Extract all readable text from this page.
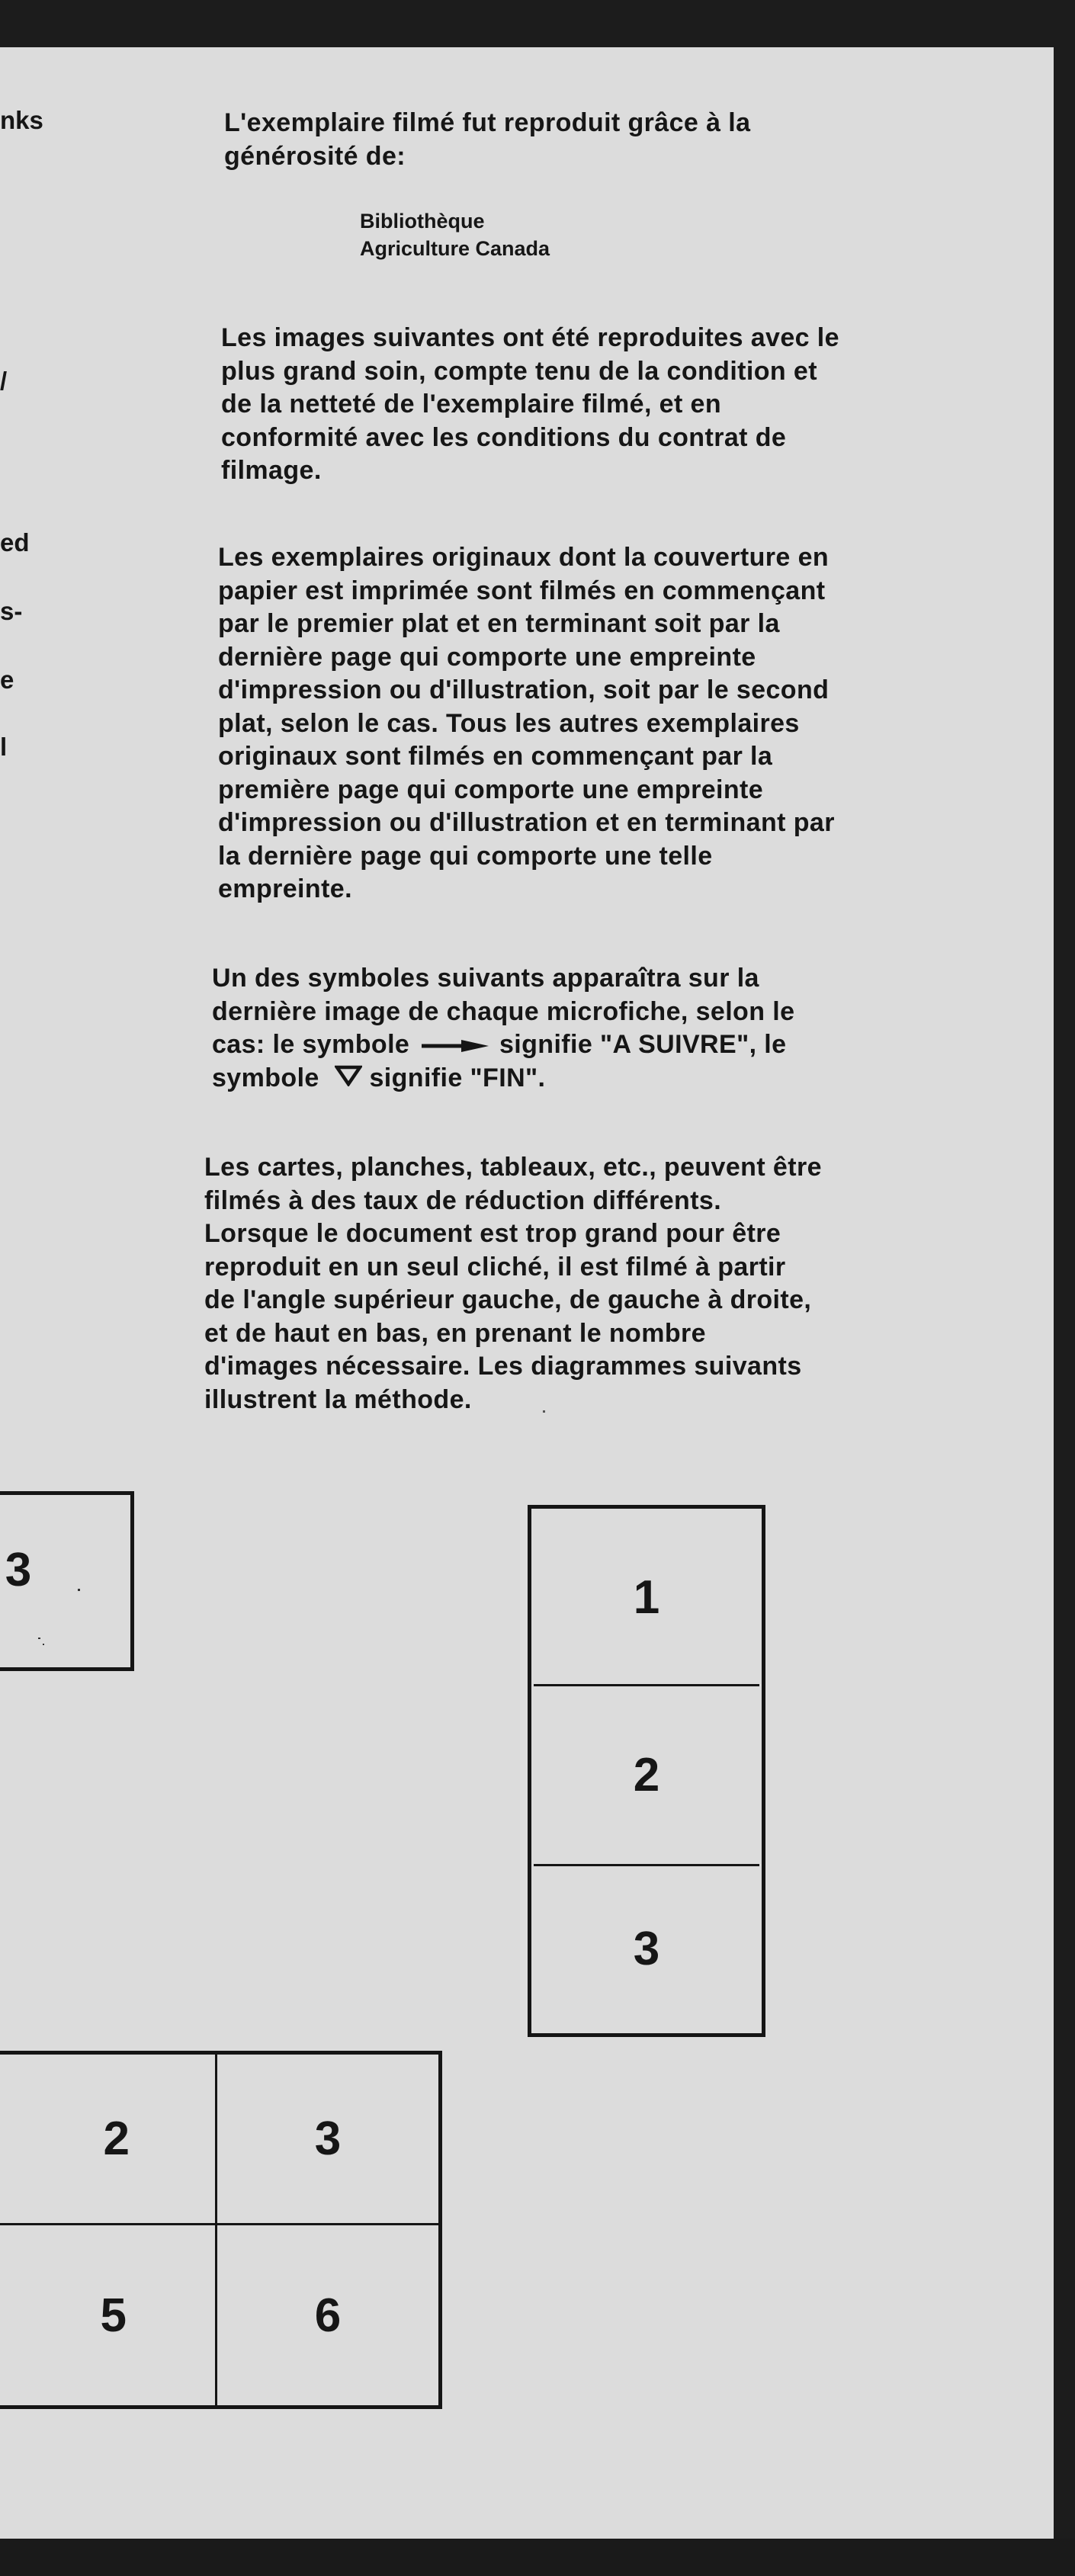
nks
/
ed
s-
e
l
L'exemplaire filmé fut reproduit grâce à la
générosité de:
Bibliothèque
Agriculture Canada
Les images suivantes ont été reproduites avec le
plus grand soin, compte tenu de la condition et
de la netteté de l'exemplaire filmé, et en
conformité avec les conditions du contrat de
filmage.
Les exemplaires originaux dont la couverture en
papier est imprimée sont filmés en commençant
par le premier plat et en terminant soit par la
dernière page qui comporte une empreinte
d'impression ou d'illustration, soit par le second
plat, selon le cas. Tous les autres exemplaires
originaux sont filmés en commençant par la
première page qui comporte une empreinte
d'impression ou d'illustration et en terminant par
la dernière page qui comporte une telle
empreinte.
Un des symboles suivants apparaîtra sur la
dernière image de chaque microfiche, selon le
cas: le symbole	signifie "A SUIVRE", le
symbole  signifie "FIN".
Les cartes, planches, tableaux, etc., peuvent être
filmés à des taux de réduction différents.
Lorsque le document est trop grand pour être
reproduit en un seul cliché, il est filmé à partir
de l'angle supérieur gauche, de gauche à droite,
et de haut en bas, en prenant le nombre
d'images nécessaire. Les diagrammes suivants
illustrent la méthode.
3
1
2
3
2	3
5	6
